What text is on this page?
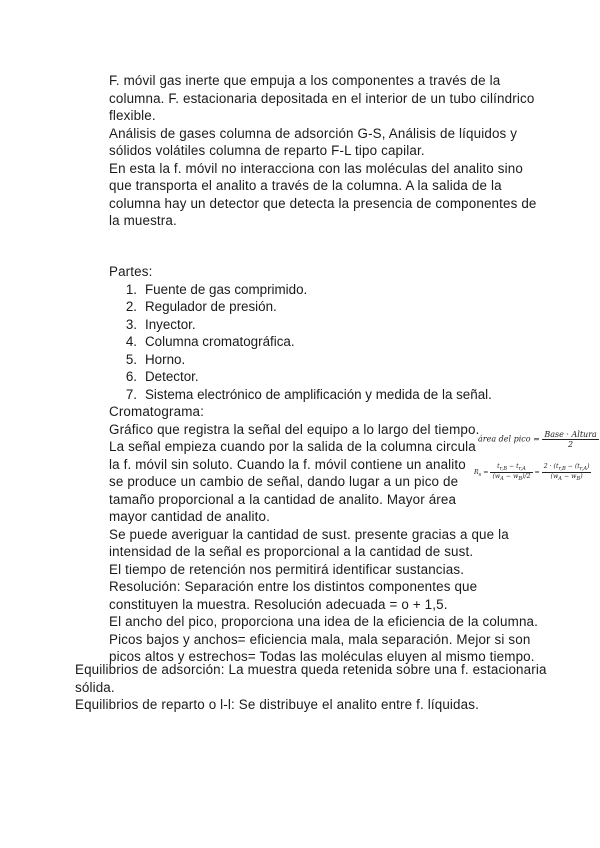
F. móvil gas inerte que empuja a los componentes a través de la
columna. F. estacionaria depositada en el interior de un tubo cilíndrico
flexible.
Análisis de gases columna de adsorción G-S, Análisis de líquidos y
sólidos volátiles columna de reparto F-L tipo capilar.
En esta la f. móvil no interacciona con las moléculas del analito sino
que transporta el analito a través de la columna. A la salida de la
columna hay un detector que detecta la presencia de componentes de
la muestra.
Partes:
1. Fuente de gas comprimido.
2. Regulador de presión.
3. Inyector.
4. Columna cromatográfica.
5. Horno.
6. Detector.
7. Sistema electrónico de amplificación y medida de la señal.
Cromatograma:
Gráfico que registra la señal del equipo a lo largo del tiempo.
La señal empieza cuando por la salida de la columna circula
la f. móvil sin soluto. Cuando la f. móvil contiene un analito
se produce un cambio de señal, dando lugar a un pico de
tamaño proporcional a la cantidad de analito. Mayor área
mayor cantidad de analito.
Se puede averiguar la cantidad de sust. presente gracias a que la
intensidad de la señal es proporcional a la cantidad de sust.
El tiempo de retención nos permitirá identificar sustancias.
Resolución: Separación entre los distintos componentes que
constituyen la muestra. Resolución adecuada = o + 1,5.
El ancho del pico, proporciona una idea de la eficiencia de la columna.
Picos bajos y anchos= eficiencia mala, mala separación. Mejor si son
picos altos y estrechos= Todas las moléculas eluyen al mismo tiempo.
área del pico = $\frac{\text{Base · Altura}}{2}$
$R_s = \frac{t_{r,B} - t_{r,A}}{(w_A - w_B)/2} = \frac{2 \cdot (t_{r,B} - (t_{r,A})}{(w_A - w_B)}$
Equilibrios de adsorción: La muestra queda retenida sobre una f. estacionaria
sólida.
Equilibrios de reparto o l-l: Se distribuye el analito entre f. líquidas.
